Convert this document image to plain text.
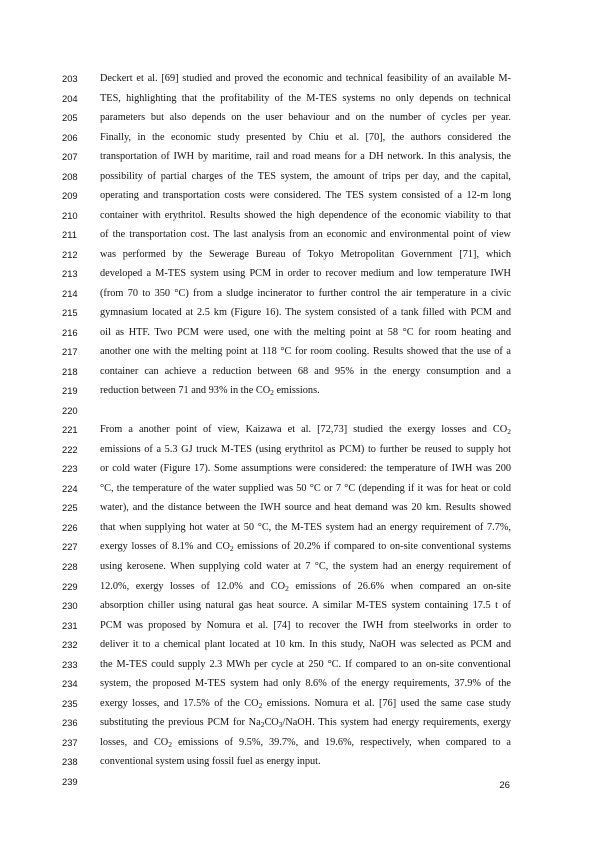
203	Deckert et al. [69] studied and proved the economic and technical feasibility of an available M-
204	TES, highlighting that the profitability of the M-TES systems no only depends on technical
205	parameters but also depends on the user behaviour and on the number of cycles per year.
206	Finally, in the economic study presented by Chiu et al. [70], the authors considered the
207	transportation of IWH by maritime, rail and road means for a DH network. In this analysis, the
208	possibility of partial charges of the TES system, the amount of trips per day, and the capital,
209	operating and transportation costs were considered. The TES system consisted of a 12-m long
210	container with erythritol. Results showed the high dependence of the economic viability to that
211	of the transportation cost. The last analysis from an economic and environmental point of view
212	was performed by the Sewerage Bureau of Tokyo Metropolitan Government [71], which
213	developed a M-TES system using PCM in order to recover medium and low temperature IWH
214	(from 70 to 350 °C) from a sludge incinerator to further control the air temperature in a civic
215	gymnasium located at 2.5 km (Figure 16). The system consisted of a tank filled with PCM and
216	oil as HTF. Two PCM were used, one with the melting point at 58 °C for room heating and
217	another one with the melting point at 118 °C for room cooling. Results showed that the use of a
218	container can achieve a reduction between 68 and 95% in the energy consumption and a
219	reduction between 71 and 93% in the $CO_2$ emissions.
220
221	From a another point of view, Kaizawa et al. [72,73] studied the exergy losses and $CO_2$
222	emissions of a 5.3 GJ truck M-TES (using erythritol as PCM) to further be reused to supply hot
223	or cold water (Figure 17). Some assumptions were considered: the temperature of IWH was 200
224	°C, the temperature of the water supplied was 50 °C or 7 °C (depending if it was for heat or cold
225	water), and the distance between the IWH source and heat demand was 20 km. Results showed
226	that when supplying hot water at 50 °C, the M-TES system had an energy requirement of 7.7%,
227	exergy losses of 8.1% and $CO_2$ emissions of 20.2% if compared to on-site conventional systems
228	using kerosene. When supplying cold water at 7 °C, the system had an energy requirement of
229	12.0%, exergy losses of 12.0% and $CO_2$ emissions of 26.6% when compared an on-site
230	absorption chiller using natural gas heat source. A similar M-TES system containing 17.5 t of
231	PCM was proposed by Nomura et al. [74] to recover the IWH from steelworks in order to
232	deliver it to a chemical plant located at 10 km. In this study, NaOH was selected as PCM and
233	the M-TES could supply 2.3 MWh per cycle at 250 °C. If compared to an on-site conventional
234	system, the proposed M-TES system had only 8.6% of the energy requirements, 37.9% of the
235	exergy losses, and 17.5% of the $CO_2$ emissions. Nomura et al. [76] used the same case study
236	substituting the previous PCM for $Na_2CO_3$/NaOH. This system had energy requirements, exergy
237	losses, and $CO_2$ emissions of 9.5%, 39.7%, and 19.6%, respectively, when compared to a
238	conventional system using fossil fuel as energy input.
239	26
